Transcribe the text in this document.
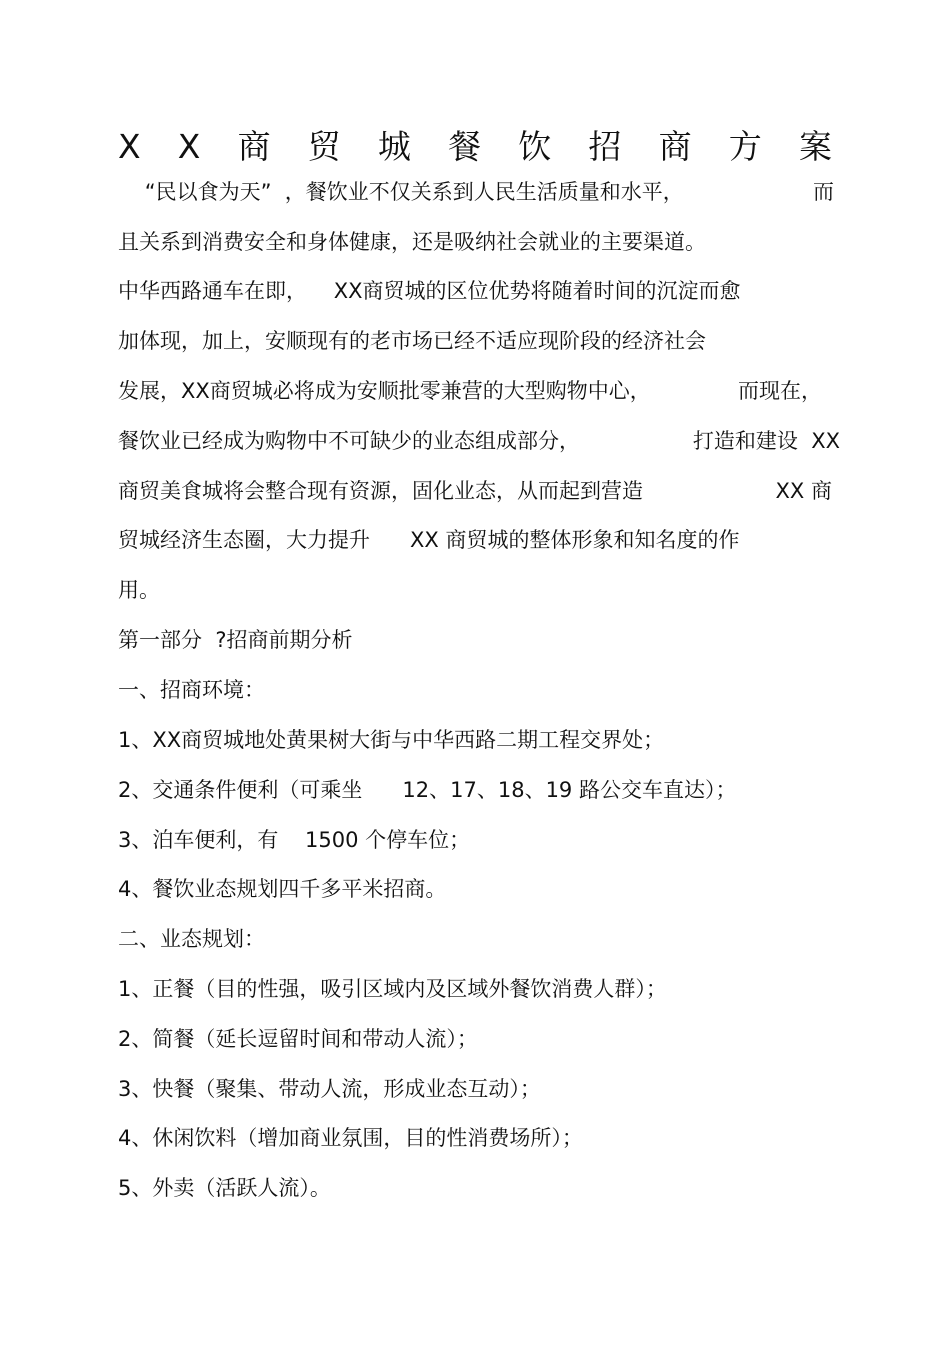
X X 商 贸 城 餐 饮 招 商 方 案
“民以食为天”  ，餐饮业不仅关系到人民生活质量和水平，	而
且关系到消费安全和身体健康，还是吸纳社会就业的主要渠道。
中华西路通车在即，    XX商贸城的区位优势将随着时间的沉淀而愈
加体现，加上，安顺现有的老市场已经不适应现阶段的经济社会
发展，XX商贸城必将成为安顺批零兼营的大型购物中心，	而现在，
餐饮业已经成为购物中不可缺少的业态组成部分，	打造和建设  XX
商贸美食城将会整合现有资源，固化业态，从而起到营造	XX 商
贸城经济生态圈，大力提升      XX 商贸城的整体形象和知名度的作
用。
第一部分  ?招商前期分析
一、招商环境：
1、XX商贸城地处黄果树大街与中华西路二期工程交界处；
2、交通条件便利（可乘坐      12、17、18、19 路公交车直达）；
3、泊车便利，有    1500 个停车位；
4、餐饮业态规划四千多平米招商。
二、业态规划：
1、正餐（目的性强，吸引区域内及区域外餐饮消费人群）；
2、简餐（延长逗留时间和带动人流）；
3、快餐（聚集、带动人流，形成业态互动）；
4、休闲饮料（增加商业氛围，目的性消费场所）；
5、外卖（活跃人流）。
